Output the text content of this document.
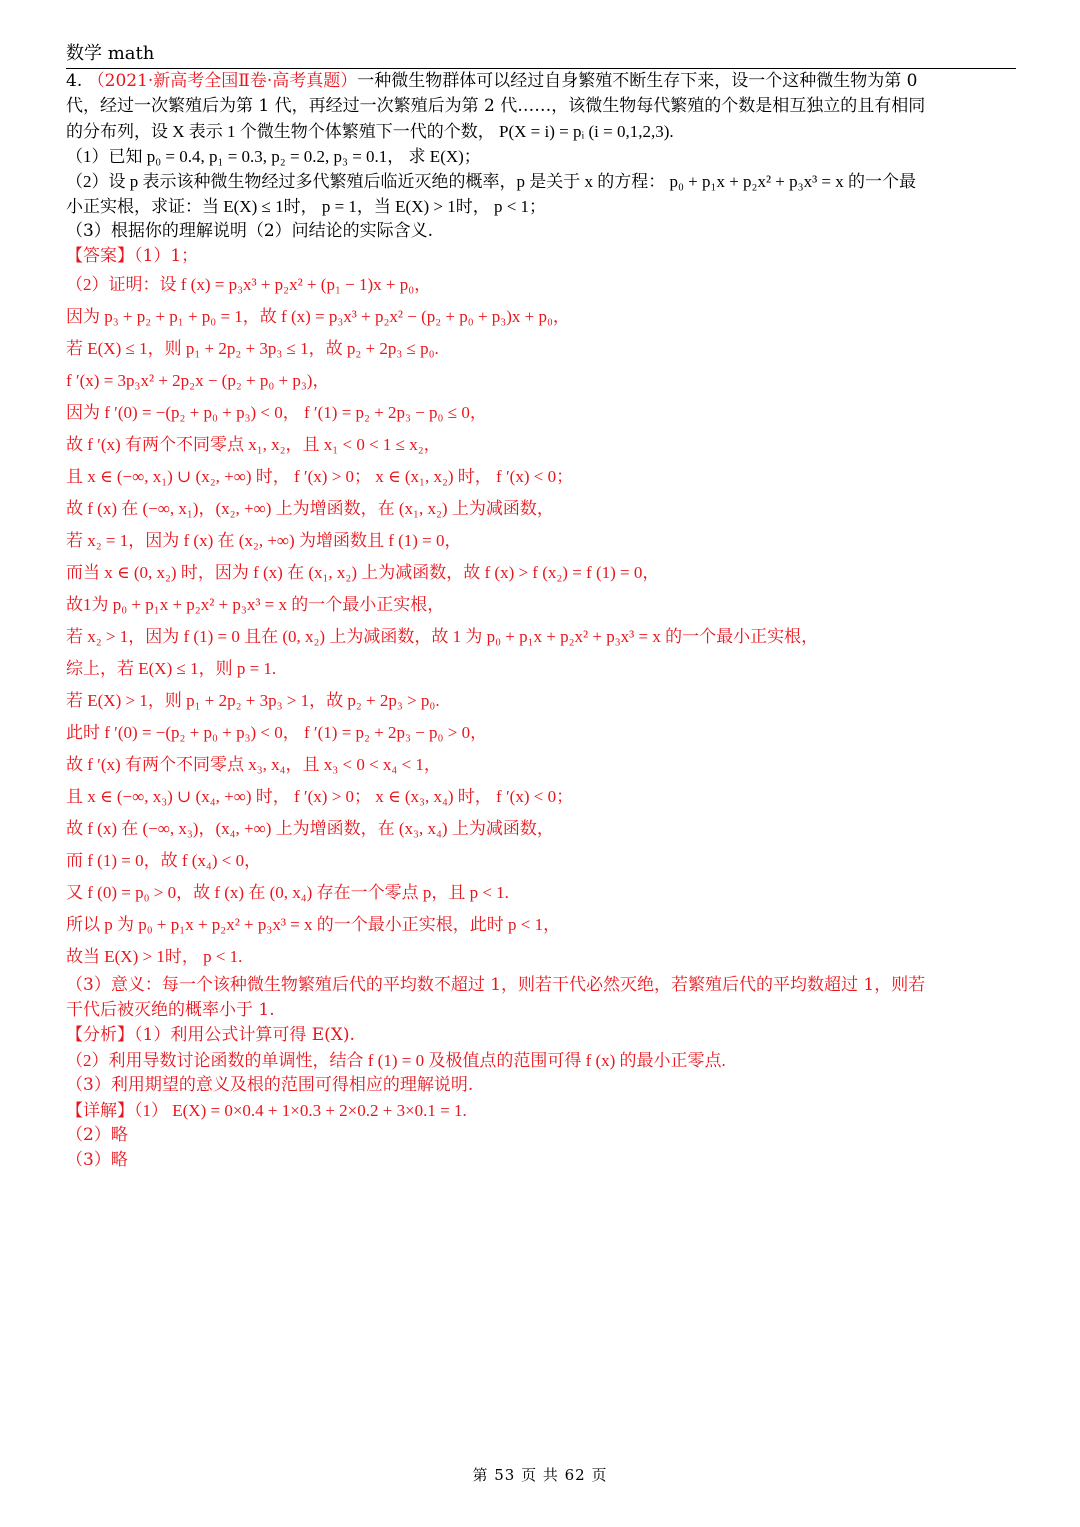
数学 math
4. （2021·新高考全国Ⅱ卷·高考真题）一种微生物群体可以经过自身繁殖不断生存下来，设一个这种微生物为第 0
代，经过一次繁殖后为第 1 代，再经过一次繁殖后为第 2 代……，该微生物每代繁殖的个数是相互独立的且有相同
的分布列，设 X 表示 1 个微生物个体繁殖下一代的个数， P(X = i) = pᵢ (i = 0,1,2,3).
（1）已知 p₀ = 0.4, p₁ = 0.3, p₂ = 0.2, p₃ = 0.1， 求 E(X)；
（2）设 p 表示该种微生物经过多代繁殖后临近灭绝的概率，p 是关于 x 的方程： p₀ + p₁x + p₂x² + p₃x³ = x 的一个最
小正实根，求证：当 E(X) ≤ 1时， p = 1，当 E(X) > 1时， p < 1；
（3）根据你的理解说明（2）问结论的实际含义.
【答案】（1）1；
（2）证明：设 f (x) = p₃x³ + p₂x² + (p₁ − 1)x + p₀，
因为 p₃ + p₂ + p₁ + p₀ = 1，故 f (x) = p₃x³ + p₂x² − (p₂ + p₀ + p₃)x + p₀，
若 E(X) ≤ 1，则 p₁ + 2p₂ + 3p₃ ≤ 1，故 p₂ + 2p₃ ≤ p₀.
f ′(x) = 3p₃x² + 2p₂x − (p₂ + p₀ + p₃)，
因为 f ′(0) = −(p₂ + p₀ + p₃) < 0， f ′(1) = p₂ + 2p₃ − p₀ ≤ 0，
故 f ′(x) 有两个不同零点 x₁, x₂，且 x₁ < 0 < 1 ≤ x₂，
且 x ∈ (−∞, x₁) ∪ (x₂, +∞) 时， f ′(x) > 0； x ∈ (x₁, x₂) 时， f ′(x) < 0；
故 f (x) 在 (−∞, x₁)，(x₂, +∞) 上为增函数，在 (x₁, x₂) 上为减函数，
若 x₂ = 1，因为 f (x) 在 (x₂, +∞) 为增函数且 f (1) = 0，
而当 x ∈ (0, x₂) 时，因为 f (x) 在 (x₁, x₂) 上为减函数，故 f (x) > f (x₂) = f (1) = 0，
故1为 p₀ + p₁x + p₂x² + p₃x³ = x 的一个最小正实根，
若 x₂ > 1，因为 f (1) = 0 且在 (0, x₂) 上为减函数，故 1 为 p₀ + p₁x + p₂x² + p₃x³ = x 的一个最小正实根，
综上，若 E(X) ≤ 1，则 p = 1.
若 E(X) > 1，则 p₁ + 2p₂ + 3p₃ > 1，故 p₂ + 2p₃ > p₀.
此时 f ′(0) = −(p₂ + p₀ + p₃) < 0， f ′(1) = p₂ + 2p₃ − p₀ > 0，
故 f ′(x) 有两个不同零点 x₃, x₄，且 x₃ < 0 < x₄ < 1，
且 x ∈ (−∞, x₃) ∪ (x₄, +∞) 时， f ′(x) > 0； x ∈ (x₃, x₄) 时， f ′(x) < 0；
故 f (x) 在 (−∞, x₃)，(x₄, +∞) 上为增函数，在 (x₃, x₄) 上为减函数，
而 f (1) = 0，故 f (x₄) < 0，
又 f (0) = p₀ > 0，故 f (x) 在 (0, x₄) 存在一个零点 p，且 p < 1.
所以 p 为 p₀ + p₁x + p₂x² + p₃x³ = x 的一个最小正实根，此时 p < 1，
故当 E(X) > 1时， p < 1.
（3）意义：每一个该种微生物繁殖后代的平均数不超过 1，则若干代必然灭绝，若繁殖后代的平均数超过 1，则若
干代后被灭绝的概率小于 1.
【分析】（1）利用公式计算可得 E(X).
（2）利用导数讨论函数的单调性，结合 f (1) = 0 及极值点的范围可得 f (x) 的最小正零点.
（3）利用期望的意义及根的范围可得相应的理解说明.
【详解】（1） E(X) = 0×0.4 + 1×0.3 + 2×0.2 + 3×0.1 = 1.
（2）略
（3）略
第 53 页 共 62 页
